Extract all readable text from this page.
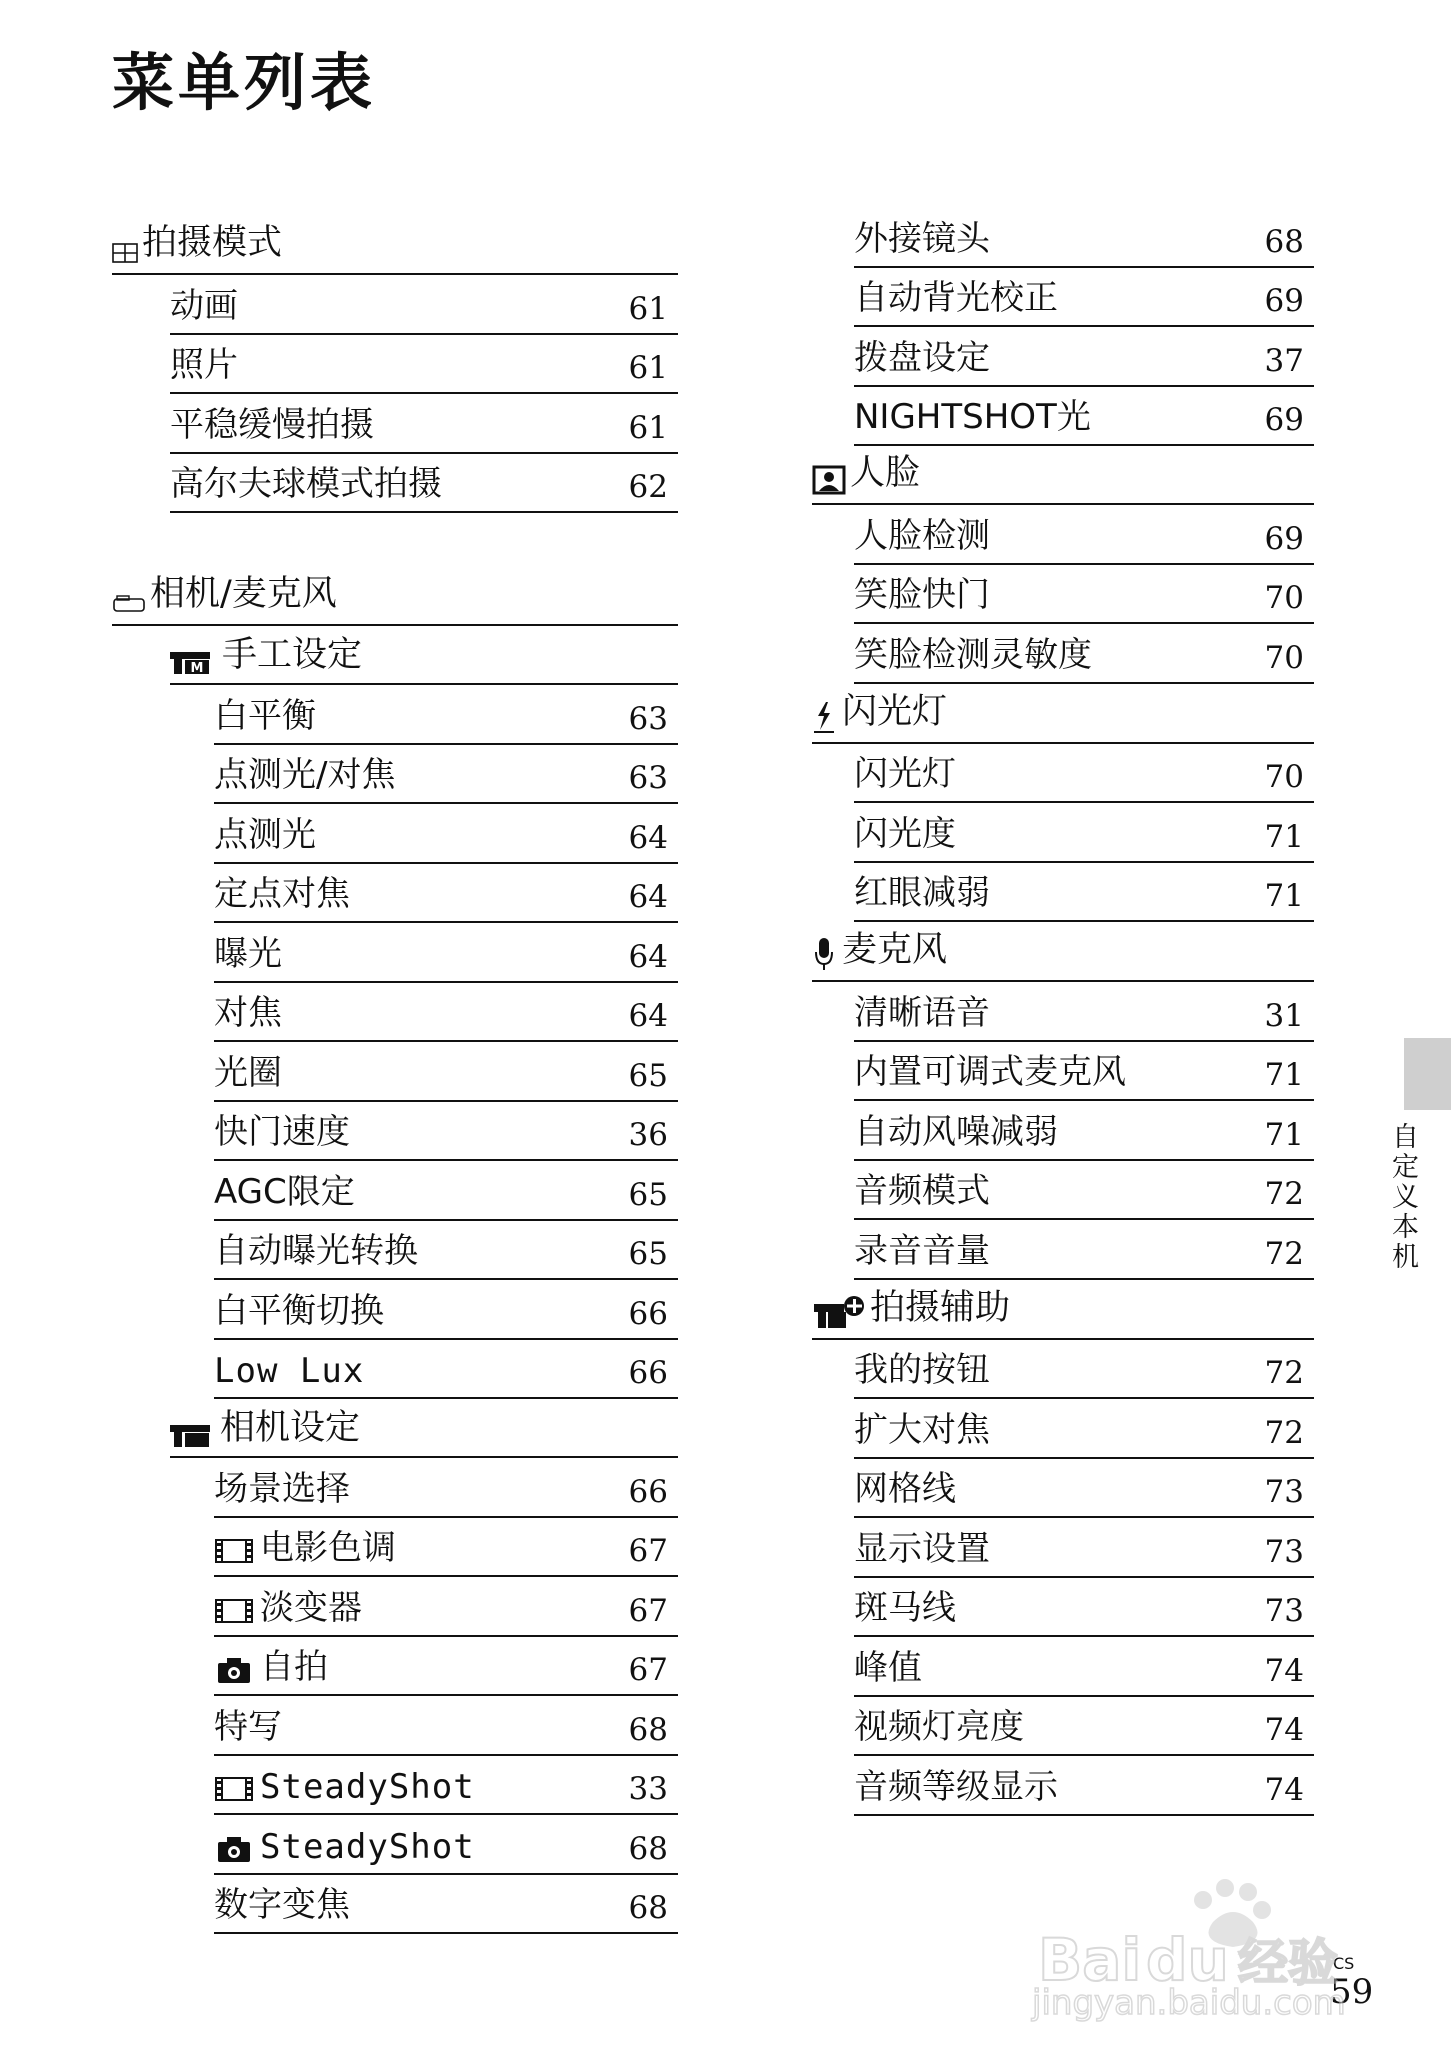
菜单列表
拍摄模式
动画	61
照片	61
平稳缓慢拍摄	61
高尔夫球模式拍摄	62
相机/麦克风
M 手工设定
白平衡	63
点测光/对焦	63
点测光	64
定点对焦	64
曝光	64
对焦	64
光圈	65
快门速度	36
AGC限定	65
自动曝光转换	65
白平衡切换	66
Low Lux	66
相机设定
场景选择	66
电影色调	67
淡变器	67
自拍	67
特写	68
SteadyShot	33
SteadyShot	68
数字变焦	68
外接镜头	68
自动背光校正	69
拨盘设定	37
NIGHTSHOT光	69
人脸
人脸检测	69
笑脸快门	70
笑脸检测灵敏度	70
闪光灯
闪光灯	70
闪光度	71
红眼减弱	71
麦克风
清晰语音	31
内置可调式麦克风	71
自动风噪减弱	71
音频模式	72
录音音量	72
拍摄辅助
我的按钮	72
扩大对焦	72
网格线	73
显示设置	73
斑马线	73
峰值	74
视频灯亮度	74
音频等级显示	74
自定义本机
CS
59
Bai du 经验
jingyan.baidu.com
